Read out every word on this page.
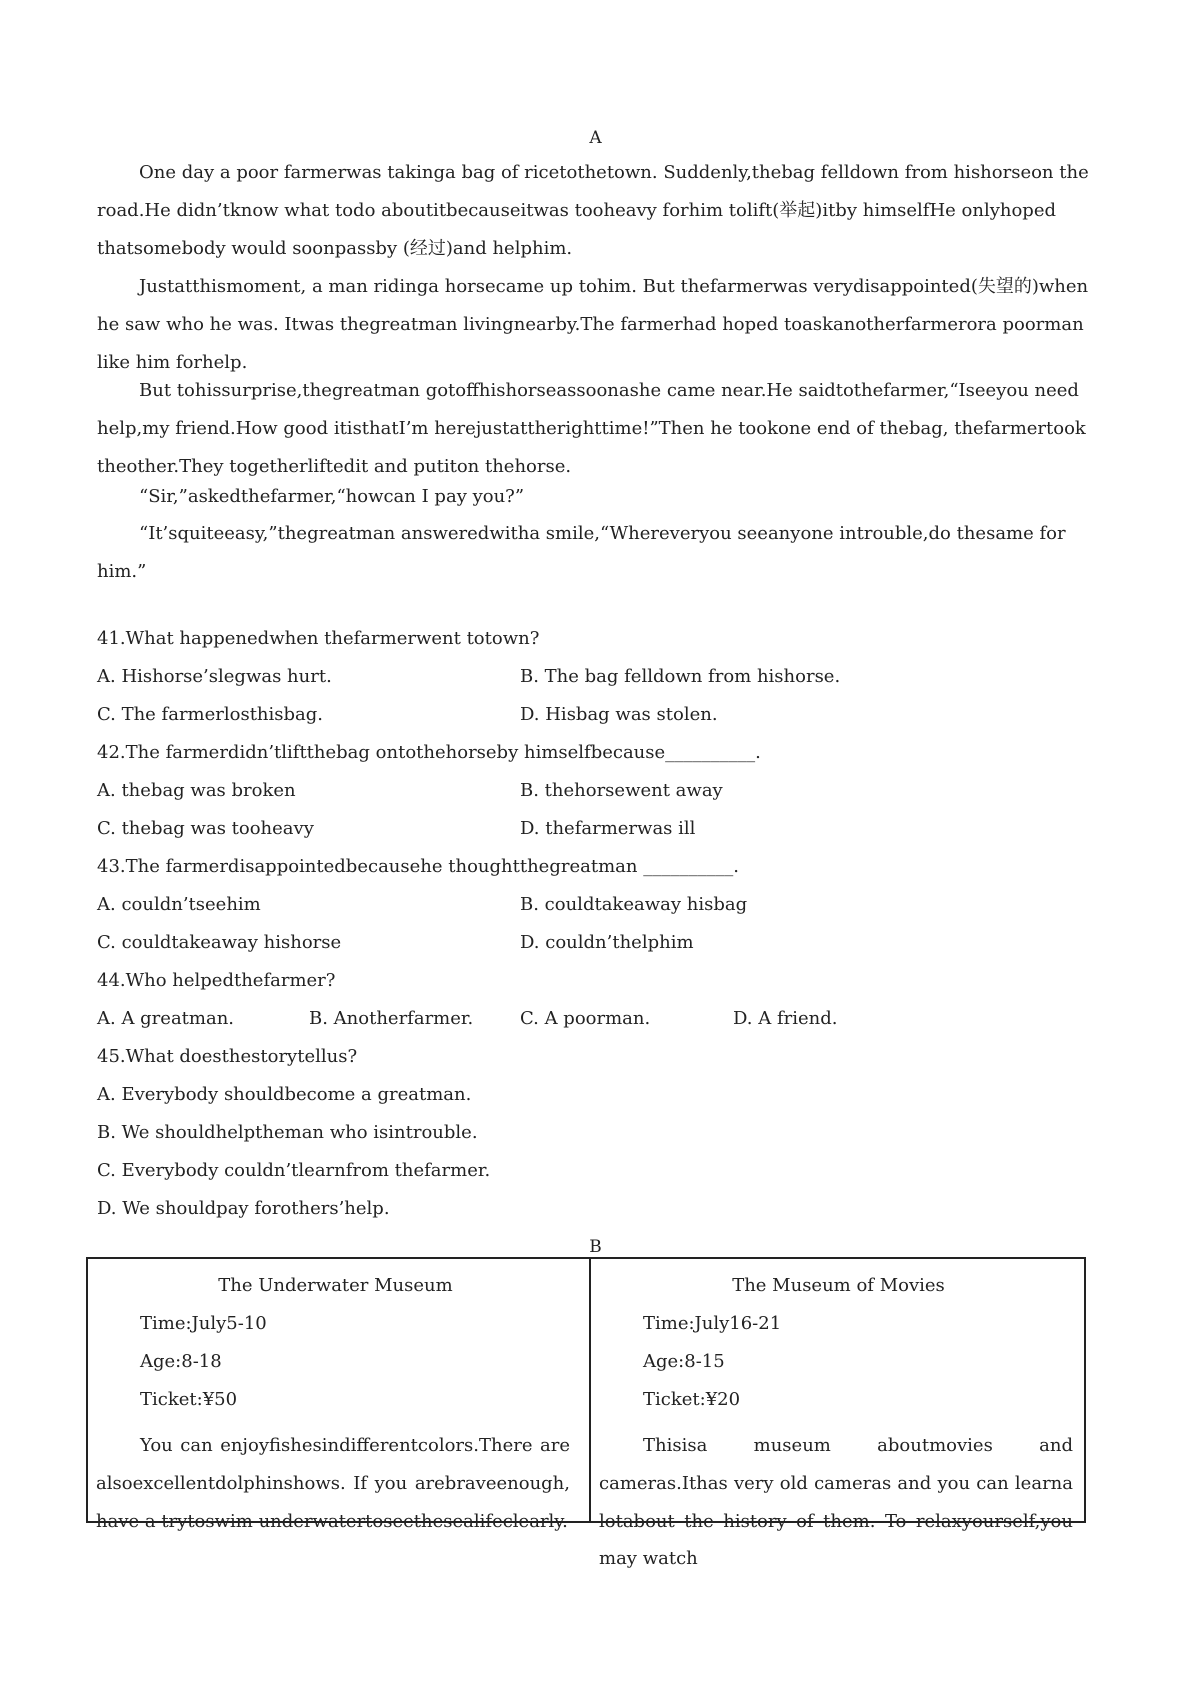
A
One day a poor farmerwas takinga bag of ricetothetown. Suddenly,thebag felldown from hishorseon the road.He didn’tknow what todo aboutitbecauseitwas tooheavy forhim tolift(举起)itby himselfHe onlyhoped thatsomebody would soonpassby (经过)and helphim.
Justatthismoment, a man ridinga horsecame up tohim. But thefarmerwas verydisappointed(失望的)when he saw who he was. Itwas thegreatman livingnearby.The farmerhad hoped toaskanotherfarmerora poorman like him forhelp.
But tohissurprise,thegreatman gotoffhishorseassoonashe came near.He saidtothefarmer,“Iseeyou need help,my friend.How good itisthatI’m herejustattherighttime!”Then he tookone end of thebag, thefarmertook theother.They togetherliftedit and putiton thehorse.
“Sir,”askedthefarmer,“howcan I pay you?”
“It’squiteeasy,”thegreatman answeredwitha smile,“Whereveryou seeanyone introuble,do thesame for him.”
41.What happenedwhen thefarmerwent totown?
A. Hishorse’slegwas hurt.	B. The bag felldown from hishorse.
C. The farmerlosthisbag.	D. Hisbag was stolen.
42.The farmerdidn’tliftthebag ontothehorseby himselfbecause__________.
A. thebag was broken	B. thehorsewent away
C. thebag was tooheavy	D. thefarmerwas ill
43.The farmerdisappointedbecausehe thoughtthegreatman __________.
A. couldn’tseehim	B. couldtakeaway hisbag
C. couldtakeaway hishorse	D. couldn’thelphim
44.Who helpedthefarmer?
A. A greatman.	B. Anotherfarmer.	C. A poorman.	D. A friend.
45.What doesthestorytellus?
A. Everybody shouldbecome a greatman.
B. We shouldhelptheman who isintrouble.
C. Everybody couldn’tlearnfrom thefarmer.
D. We shouldpay forothers’help.
B
The Underwater Museum
Time:July5-10
Age:8-18
Ticket:¥50
You can enjoyfishesindifferentcolors.There are alsoexcellentdolphinshows. If you arebraveenough, have a trytoswim underwatertoseethesealifeclearly.
The Museum of Movies
Time:July16-21
Age:8-15
Ticket:¥20
Thisisa museum aboutmovies and cameras.Ithas very old cameras and you can learna lotabout the history of them. To relaxyourself,you may watch
